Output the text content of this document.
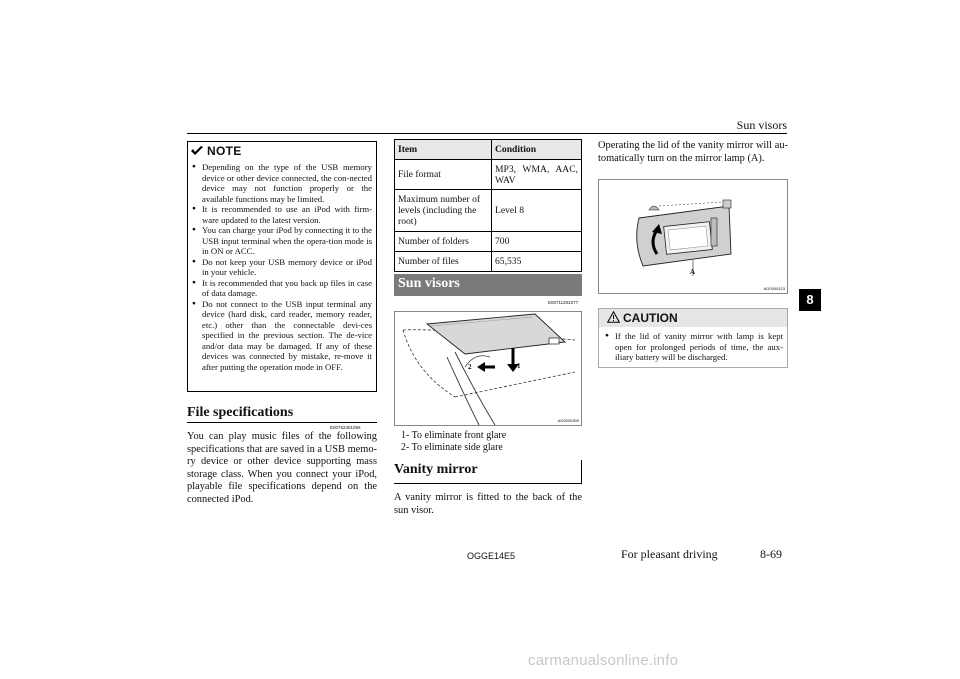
Sun visors
NOTE
● Depending on the type of the USB memory device or other device connected, the con-nected device may not function properly or the available functions may be limited.
● It is recommended to use an iPod with firm-ware updated to the latest version.
● You can charge your iPod by connecting it to the USB input terminal when the opera-tion mode is in ON or ACC.
● Do not keep your USB memory device or iPod in your vehicle.
● It is recommended that you back up files in case of data damage.
● Do not connect to the USB input terminal any device (hard disk, card reader, memory reader, etc.) other than the connectable devi-ces specified in the previous section. The de-vice and/or data may be damaged. If any of these devices was connected by mistake, re-move it after putting the operation mode in OFF.
File specifications
E00762401056
You can play music files of the following specifications that are saved in a USB memo-ry device or other device supporting mass storage class. When you connect your iPod, playable file specifications depend on the connected iPod.
Item	Condition
File format	MP3, WMA, AAC, WAV
Maximum number of levels (including the root)	Level 8
Number of folders	700
Number of files	65,535
Sun visors
E00711202277
1
2
AG0000309
1- To eliminate front glare
2- To eliminate side glare
Vanity mirror
A vanity mirror is fitted to the back of the sun visor.
Operating the lid of the vanity mirror will au-tomatically turn on the mirror lamp (A).
A
AG0000123
CAUTION
● If the lid of vanity mirror with lamp is kept open for prolonged periods of time, the aux-iliary battery will be discharged.
8
OGGE14E5	For pleasant driving	8-69
carmanualsonline.info
